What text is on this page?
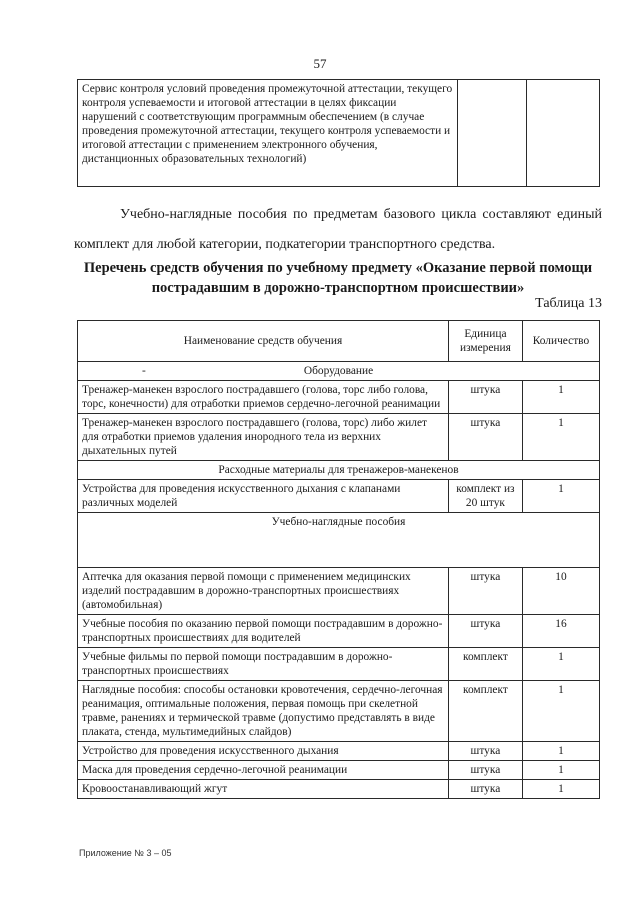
57
Сервис контроля условий проведения промежуточной аттестации, текущего контроля успеваемости и итоговой аттестации в целях фиксации нарушений с соответствующим программным обеспечением (в случае проведения промежуточной аттестации, текущего контроля успеваемости и итоговой аттестации с применением электронного обучения, дистанционных образовательных технологий)		
Учебно-наглядные пособия по предметам базового цикла составляют единый комплект для любой категории, подкатегории транспортного средства.
Перечень средств обучения по учебному предмету «Оказание первой помощи пострадавшим в дорожно-транспортном происшествии»
Таблица 13
Наименование средств обучения	Единица измерения	Количество

- Оборудование		

Тренажер-манекен взрослого пострадавшего (голова, торс либо голова, торс, конечности) для отработки приемов сердечно-легочной реанимации	штука	1
Тренажер-манекен взрослого пострадавшего (голова, торс) либо жилет для отработки приемов удаления инородного тела из верхних дыхательных путей	штука	1
Расходные материалы для тренажеров-манекенов		
Устройства для проведения искусственного дыхания с клапанами различных моделей	комплект из 20 штук	1
Учебно-наглядные пособия		
Аптечка для оказания первой помощи с применением медицинских изделий пострадавшим в дорожно-транспортных происшествиях (автомобильная)	штука	10
Учебные пособия по оказанию первой помощи пострадавшим в дорожно-транспортных происшествиях для водителей	штука	16
Учебные фильмы по первой помощи пострадавшим в дорожно-транспортных происшествиях	комплект	1
Наглядные пособия: способы остановки кровотечения, сердечно-легочная реанимация, оптимальные положения, первая помощь при скелетной травме, ранениях и термической травме (допустимо представлять в виде плаката, стенда, мультимедийных слайдов)	комплект	1
Устройство для проведения искусственного дыхания	штука	1
Маска для проведения сердечно-легочной реанимации	штука	1
Кровоостанавливающий жгут	штука	1
Приложение № 3 – 05
